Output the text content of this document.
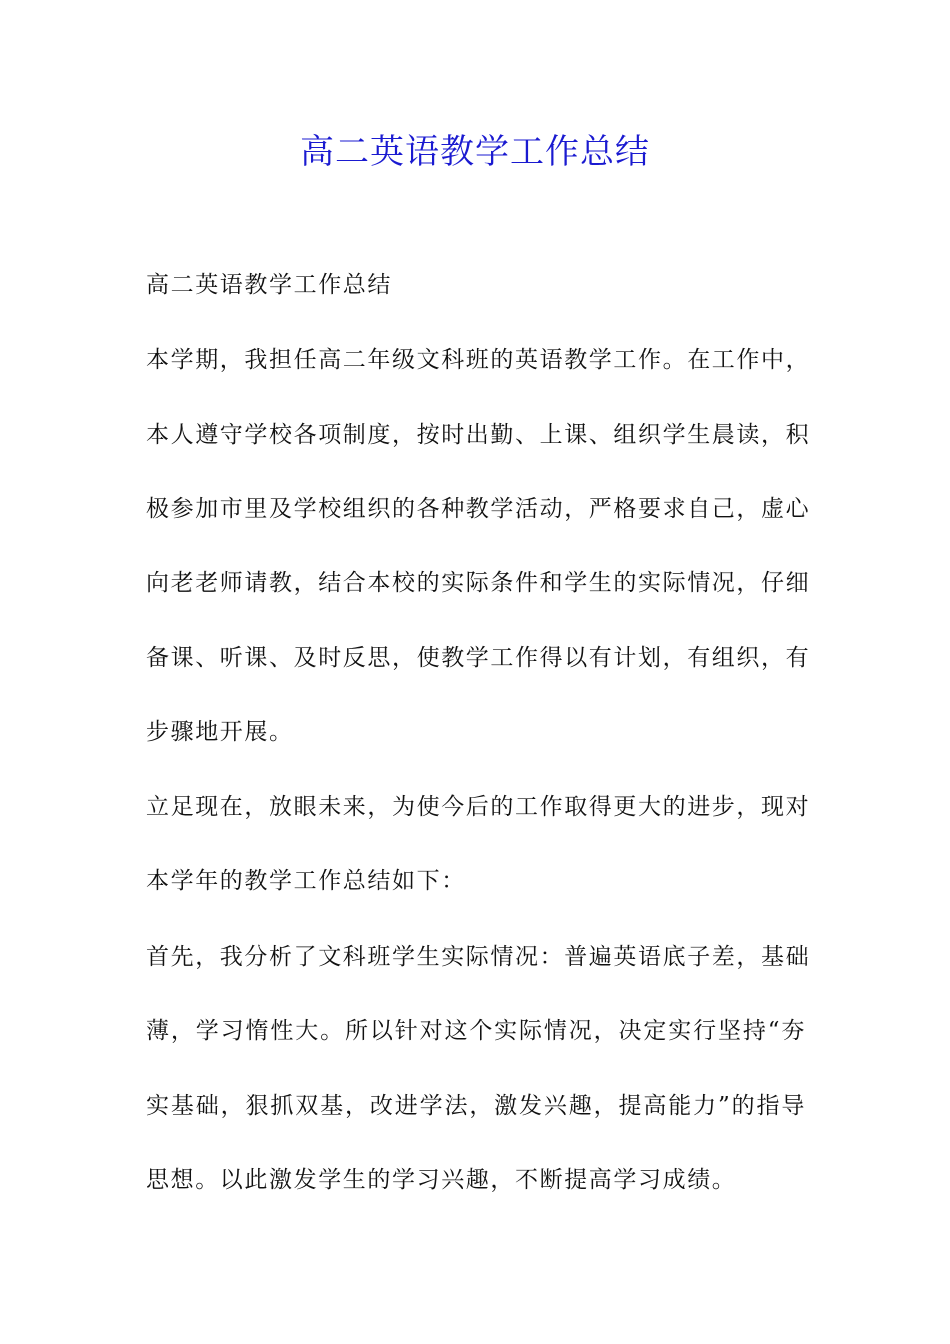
高二英语教学工作总结
高二英语教学工作总结
本学期，我担任高二年级文科班的英语教学工作。在工作中，
本人遵守学校各项制度，按时出勤、上课、组织学生晨读，积
极参加市里及学校组织的各种教学活动，严格要求自己，虚心
向老老师请教，结合本校的实际条件和学生的实际情况，仔细
备课、听课、及时反思，使教学工作得以有计划，有组织，有
步骤地开展。
立足现在，放眼未来，为使今后的工作取得更大的进步，现对
本学年的教学工作总结如下：
首先，我分析了文科班学生实际情况：普遍英语底子差，基础
薄，学习惰性大。所以针对这个实际情况，决定实行坚持“夯
实基础，狠抓双基，改进学法，激发兴趣，提高能力”的指导
思想。以此激发学生的学习兴趣，不断提高学习成绩。
